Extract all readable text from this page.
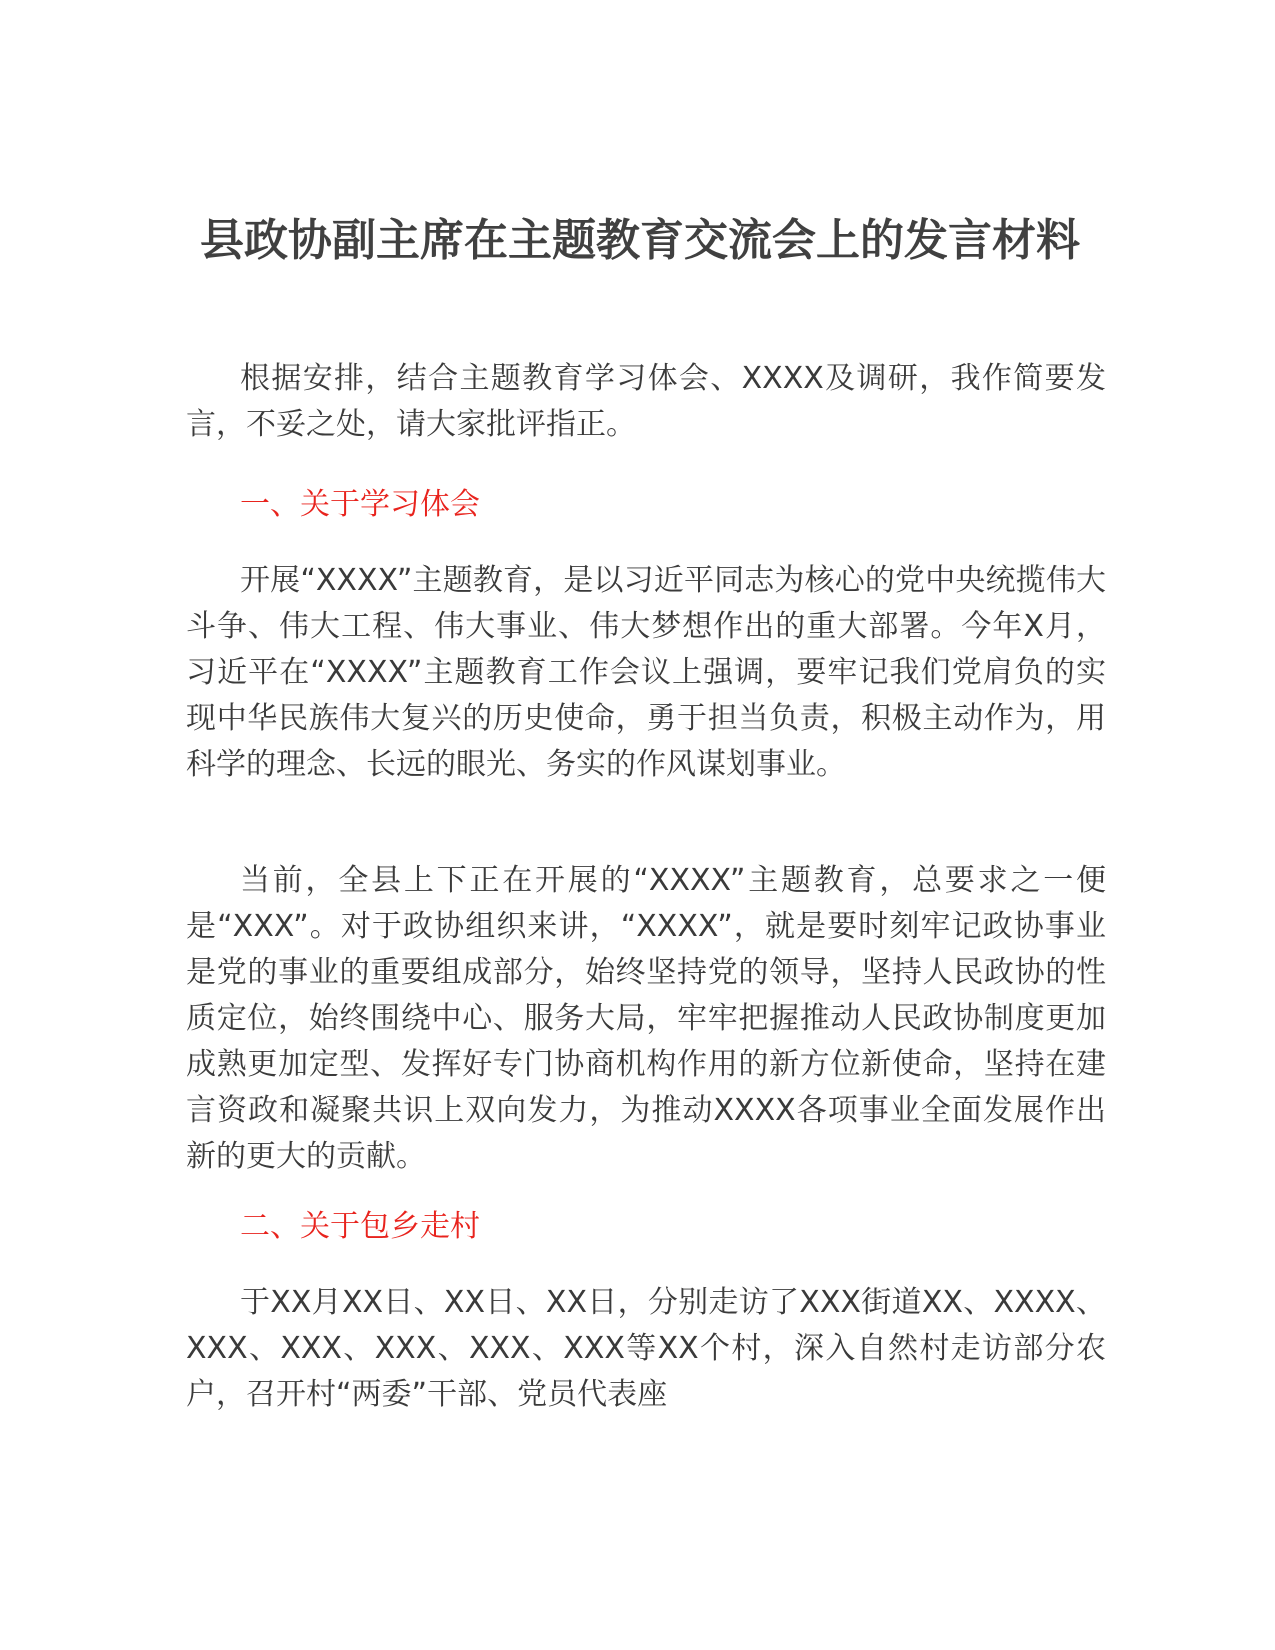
县政协副主席在主题教育交流会上的发言材料

根据安排，结合主题教育学习体会、XXXX及调研，我作简要发言，不妥之处，请大家批评指正。

一、关于学习体会

开展“XXXX”主题教育，是以习近平同志为核心的党中央统揽伟大斗争、伟大工程、伟大事业、伟大梦想作出的重大部署。今年X月，习近平在“XXXX”主题教育工作会议上强调，要牢记我们党肩负的实现中华民族伟大复兴的历史使命，勇于担当负责，积极主动作为，用科学的理念、长远的眼光、务实的作风谋划事业。

当前，全县上下正在开展的“XXXX”主题教育，总要求之一便是“XXX”。对于政协组织来讲，“XXXX”，就是要时刻牢记政协事业是党的事业的重要组成部分，始终坚持党的领导，坚持人民政协的性质定位，始终围绕中心、服务大局，牢牢把握推动人民政协制度更加成熟更加定型、发挥好专门协商机构作用的新方位新使命，坚持在建言资政和凝聚共识上双向发力，为推动XXXX各项事业全面发展作出新的更大的贡献。

二、关于包乡走村

于XX月XX日、XX日、XX日，分别走访了XXX街道XX、XXXX、XXX、XXX、XXX、XXX、XXX等XX个村，深入自然村走访部分农户，召开村“两委”干部、党员代表座
